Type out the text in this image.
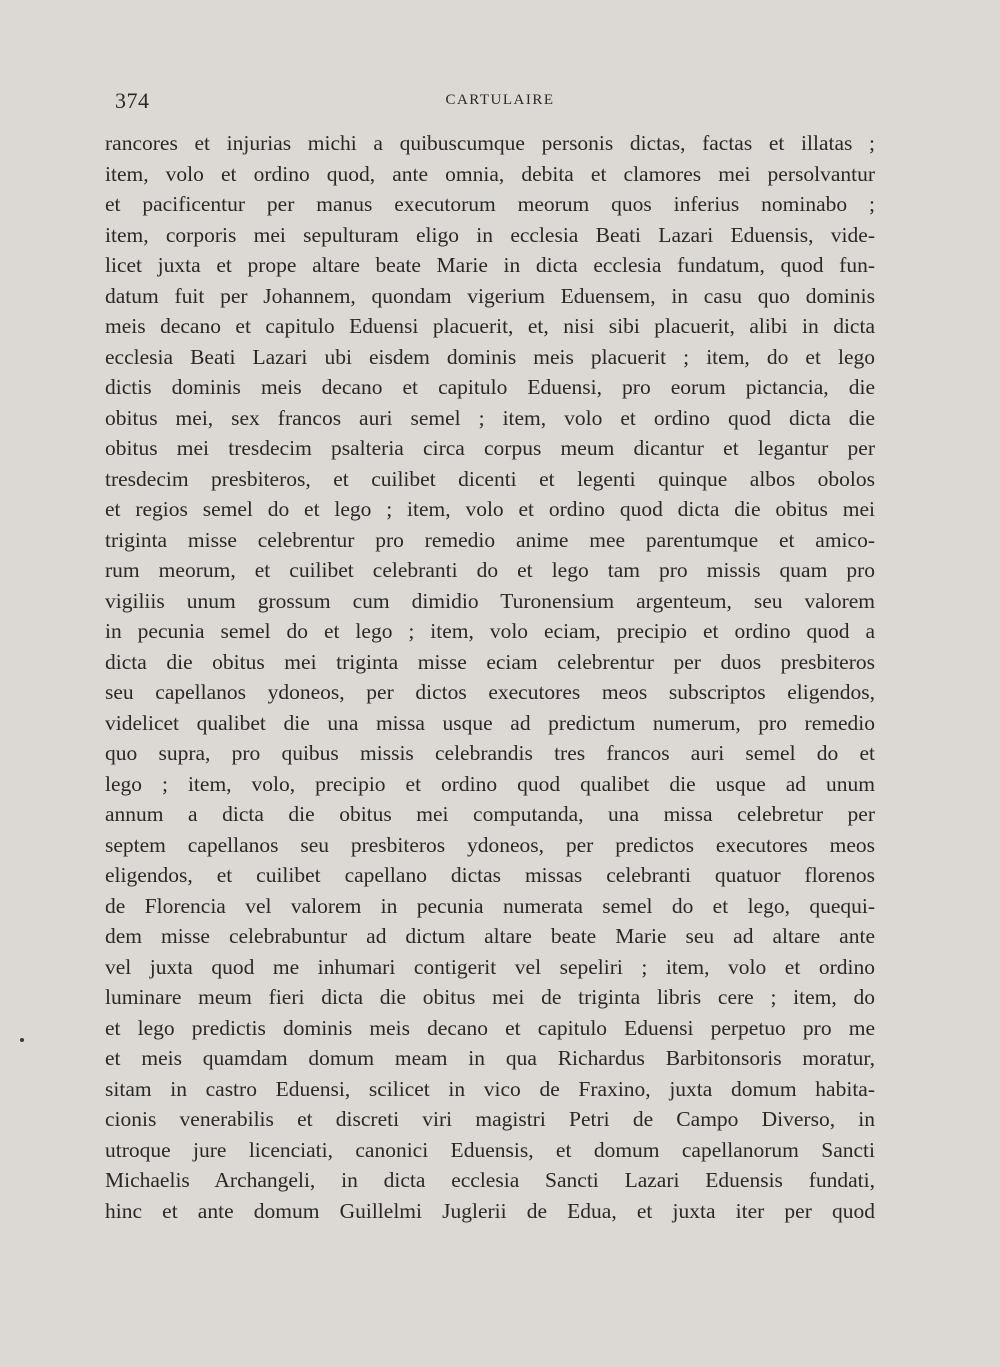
374	CARTULAIRE
rancores et injurias michi a quibuscumque personis dictas, factas et illatas ;
item, volo et ordino quod, ante omnia, debita et clamores mei persolvantur
et pacificentur per manus executorum meorum quos inferius nominabo ;
item, corporis mei sepulturam eligo in ecclesia Beati Lazari Eduensis, vide-
licet juxta et prope altare beate Marie in dicta ecclesia fundatum, quod fun-
datum fuit per Johannem, quondam vigerium Eduensem, in casu quo dominis
meis decano et capitulo Eduensi placuerit, et, nisi sibi placuerit, alibi in dicta
ecclesia Beati Lazari ubi eisdem dominis meis placuerit ; item, do et lego
dictis dominis meis decano et capitulo Eduensi, pro eorum pictancia, die
obitus mei, sex francos auri semel ; item, volo et ordino quod dicta die
obitus mei tresdecim psalteria circa corpus meum dicantur et legantur per
tresdecim presbiteros, et cuilibet dicenti et legenti quinque albos obolos
et regios semel do et lego ; item, volo et ordino quod dicta die obitus mei
triginta misse celebrentur pro remedio anime mee parentumque et amico-
rum meorum, et cuilibet celebranti do et lego tam pro missis quam pro
vigiliis unum grossum cum dimidio Turonensium argenteum, seu valorem
in pecunia semel do et lego ; item, volo eciam, precipio et ordino quod a
dicta die obitus mei triginta misse eciam celebrentur per duos presbiteros
seu capellanos ydoneos, per dictos executores meos subscriptos eligendos,
videlicet qualibet die una missa usque ad predictum numerum, pro remedio
quo supra, pro quibus missis celebrandis tres francos auri semel do et
lego ; item, volo, precipio et ordino quod qualibet die usque ad unum
annum a dicta die obitus mei computanda, una missa celebretur per
septem capellanos seu presbiteros ydoneos, per predictos executores meos
eligendos, et cuilibet capellano dictas missas celebranti quatuor florenos
de Florencia vel valorem in pecunia numerata semel do et lego, quequi-
dem misse celebrabuntur ad dictum altare beate Marie seu ad altare ante
vel juxta quod me inhumari contigerit vel sepeliri ; item, volo et ordino
luminare meum fieri dicta die obitus mei de triginta libris cere ; item, do
et lego predictis dominis meis decano et capitulo Eduensi perpetuo pro me
et meis quamdam domum meam in qua Richardus Barbitonsoris moratur,
sitam in castro Eduensi, scilicet in vico de Fraxino, juxta domum habita-
cionis venerabilis et discreti viri magistri Petri de Campo Diverso, in
utroque jure licenciati, canonici Eduensis, et domum capellanorum Sancti
Michaelis Archangeli, in dicta ecclesia Sancti Lazari Eduensis fundati,
hinc et ante domum Guillelmi Juglerii de Edua, et juxta iter per quod
